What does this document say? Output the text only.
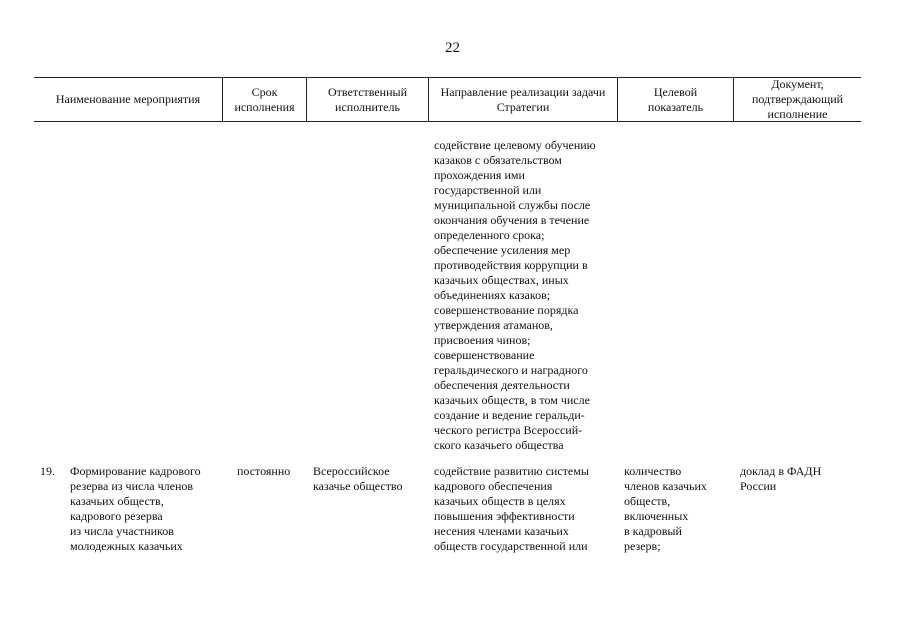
22
Наименование мероприятия
Срок
исполнения
Ответственный
исполнитель
Направление реализации задачи
Стратегии
Целевой
показатель
Документ,
подтверждающий
исполнение
содействие целевому обучению
казаков с обязательством
прохождения ими
государственной или
муниципальной службы после
окончания обучения в течение
определенного срока;
обеспечение усиления мер
противодействия коррупции в
казачьих обществах, иных
объединениях казаков;
совершенствование порядка
утверждения атаманов,
присвоения чинов;
совершенствование
геральдического и наградного
обеспечения деятельности
казачьих обществ, в том числе
создание и ведение геральди-
ческого регистра Всероссий-
ского казачьего общества
19. Формирование кадрового
резерва из числа членов
казачьих обществ,
кадрового резерва
из числа участников
молодежных казачьих
постоянно Всероссийское
казачье общество
содействие развитию системы
кадрового обеспечения
казачьих обществ в целях
повышения эффективности
несения членами казачьих
обществ государственной или
количество
членов казачьих
обществ,
включенных
в кадровый
резерв;
доклад в ФАДН
России
